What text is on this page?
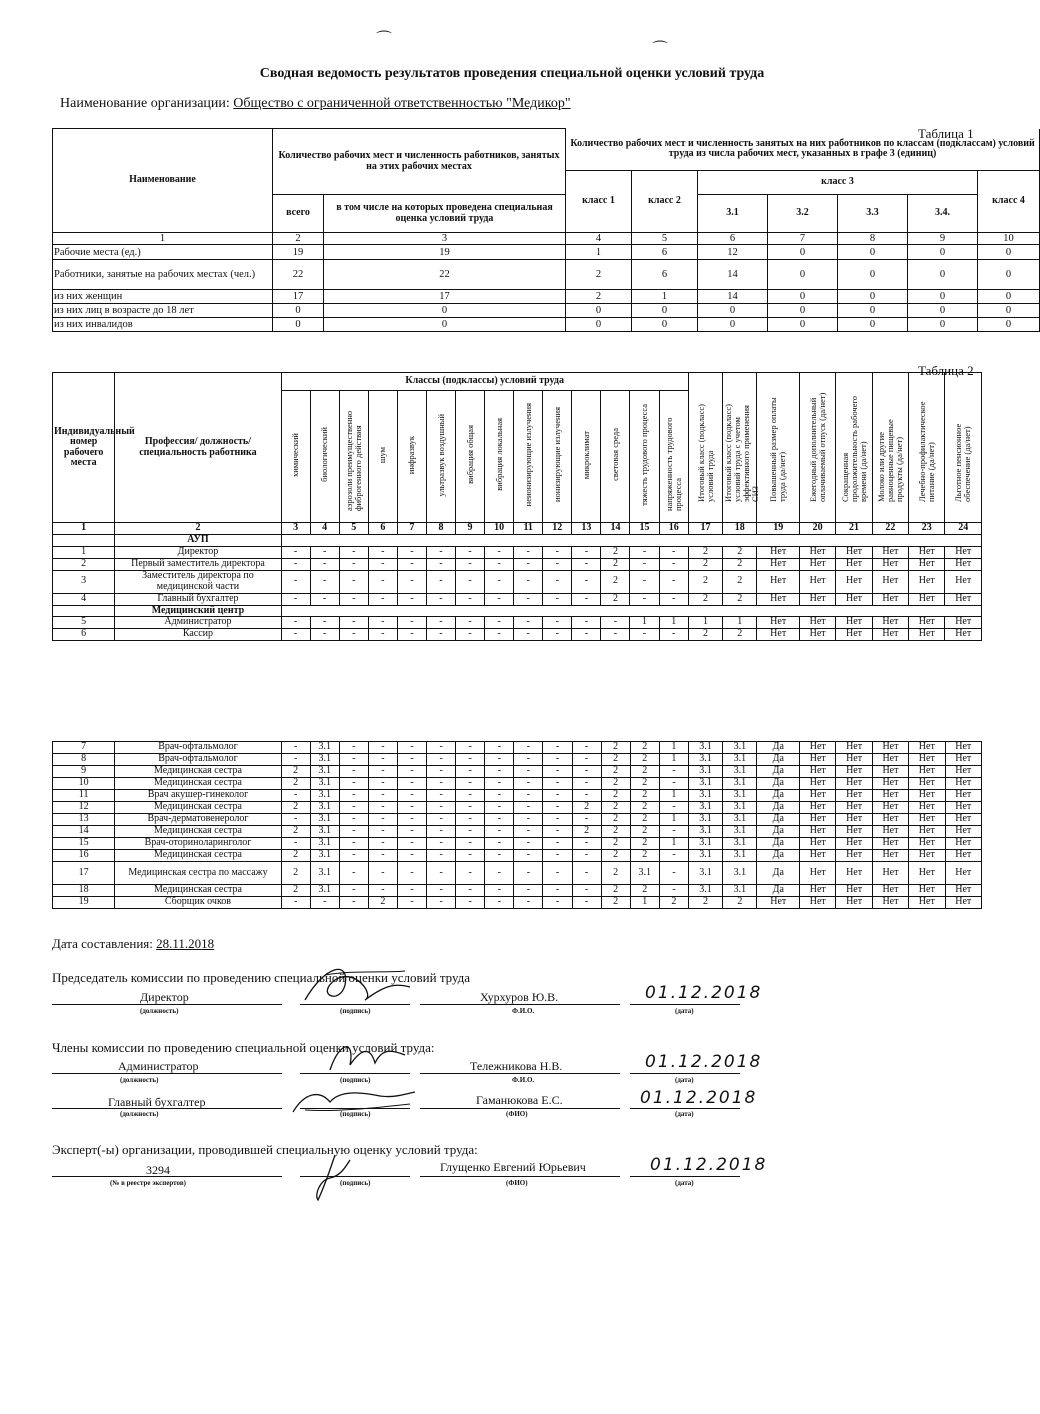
⌒
⌒
Сводная ведомость результатов проведения специальной оценки условий труда
Наименование организации: Общество с ограниченной ответственностью "Медикор"
Таблица 1
Наименование	Количество рабочих мест и численность работников, занятых на этих рабочих местах		Количество рабочих мест и численность занятых на них работников по классам (подклассам) условий труда из числа рабочих мест, указанных в графе 3 (единиц)						
			класс 1	класс 2	класс 3				класс 4
	всего	в том числе на которых проведена специальная оценка условий труда			3.1	3.2	3.3	3.4.	
1	2	3	4	5	6	7	8	9	10
Рабочие места (ед.)	19	19	1	6	12	0	0	0	0
Работники, занятые на рабочих местах (чел.)	22	22	2	6	14	0	0	0	0
из них женщин	17	17	2	1	14	0	0	0	0
из них лиц в возрасте до 18 лет	0	0	0	0	0	0	0	0	0
из них инвалидов	0	0	0	0	0	0	0	0	0
Таблица 2
Индивидуальный номер рабочего места	Профессия/ должность/ специальность работника	Классы (подклассы) условий труда														Итоговый класс (подкласс) условий труда	Итоговый класс (подкласс) условий труда с учетом эффективного применения СИЗ	Повышенный размер оплаты труда (да/нет)	Ежегодный дополнительный оплачиваемый отпуск (да/нет)	Сокращенная продолжительность рабочего времени (да/нет)	Молоко или другие равноценные пищевые продукты (да/нет)	Лечебно-профилактическое питание (да/нет)	Льготное пенсионное обеспечение (да/нет)
		химический	биологический	аэрозоли преимущественно фиброгенного действия	шум	инфразвук	ультразвук воздушный	вибрация общая	вибрация локальная	неионизирующие излучения	ионизирующие излучения	микроклимат	световая среда	тяжесть трудового процесса	напряженность трудового процесса								
1	2	3	4	5	6	7	8	9	10	11	12	13	14	15	16	17	18	19	20	21	22	23	24
	АУП																						
1	Директор	-	-	-	-	-	-	-	-	-	-	-	2	-	-	2	2	Нет	Нет	Нет	Нет	Нет	Нет
2	Первый заместитель директора	-	-	-	-	-	-	-	-	-	-	-	2	-	-	2	2	Нет	Нет	Нет	Нет	Нет	Нет
3	Заместитель директора по медицинской части	-	-	-	-	-	-	-	-	-	-	-	2	-	-	2	2	Нет	Нет	Нет	Нет	Нет	Нет
4	Главный бухгалтер	-	-	-	-	-	-	-	-	-	-	-	2	-	-	2	2	Нет	Нет	Нет	Нет	Нет	Нет
	Медицинский центр																						
5	Администратор	-	-	-	-	-	-	-	-	-	-	-	-	1	1	1	1	Нет	Нет	Нет	Нет	Нет	Нет
6	Кассир	-	-	-	-	-	-	-	-	-	-	-	-	-	-	2	2	Нет	Нет	Нет	Нет	Нет	Нет
7	Врач-офтальмолог	-	3.1	-	-	-	-	-	-	-	-	-	2	2	1	3.1	3.1	Да	Нет	Нет	Нет	Нет	Нет
8	Врач-офтальмолог	-	3.1	-	-	-	-	-	-	-	-	-	2	2	1	3.1	3.1	Да	Нет	Нет	Нет	Нет	Нет
9	Медицинская сестра	2	3.1	-	-	-	-	-	-	-	-	-	2	2	-	3.1	3.1	Да	Нет	Нет	Нет	Нет	Нет
10	Медицинская сестра	2	3.1	-	-	-	-	-	-	-	-	-	2	2	-	3.1	3.1	Да	Нет	Нет	Нет	Нет	Нет
11	Врач акушер-гинеколог	-	3.1	-	-	-	-	-	-	-	-	-	2	2	1	3.1	3.1	Да	Нет	Нет	Нет	Нет	Нет
12	Медицинская сестра	2	3.1	-	-	-	-	-	-	-	-	2	2	2	-	3.1	3.1	Да	Нет	Нет	Нет	Нет	Нет
13	Врач-дерматовенеролог	-	3.1	-	-	-	-	-	-	-	-	-	2	2	1	3.1	3.1	Да	Нет	Нет	Нет	Нет	Нет
14	Медицинская сестра	2	3.1	-	-	-	-	-	-	-	-	2	2	2	-	3.1	3.1	Да	Нет	Нет	Нет	Нет	Нет
15	Врач-оториноларинголог	-	3.1	-	-	-	-	-	-	-	-	-	2	2	1	3.1	3.1	Да	Нет	Нет	Нет	Нет	Нет
16	Медицинская сестра	2	3.1	-	-	-	-	-	-	-	-	-	2	2	-	3.1	3.1	Да	Нет	Нет	Нет	Нет	Нет
17	Медицинская сестра по массажу	2	3.1	-	-	-	-	-	-	-	-	-	2	3.1	-	3.1	3.1	Да	Нет	Нет	Нет	Нет	Нет
18	Медицинская сестра	2	3.1	-	-	-	-	-	-	-	-	-	2	2	-	3.1	3.1	Да	Нет	Нет	Нет	Нет	Нет
19	Сборщик очков	-	-	-	2	-	-	-	-	-	-	-	2	1	2	2	2	Нет	Нет	Нет	Нет	Нет	Нет
Дата составления: 28.11.2018
Председатель комиссии по проведению специальной оценки условий труда
Директор	Хурхуров Ю.В.	01.12.2018
(должность)	(подпись)	Ф.И.О.	(дата)
Члены комиссии по проведению специальной оценки условий труда:
Администратор	Тележникова Н.В.	01.12.2018
(должность)	(подпись)	Ф.И.О.	(дата)
Главный бухгалтер	Гаманюкова Е.С.	01.12.2018
(должность)	(подпись)	(ФИО)	(дата)
Эксперт(-ы) организации, проводившей специальную оценку условий труда:
3294	Глущенко Евгений Юрьевич	01.12.2018
(№ в реестре экспертов)	(подпись)	(ФИО)	(дата)
